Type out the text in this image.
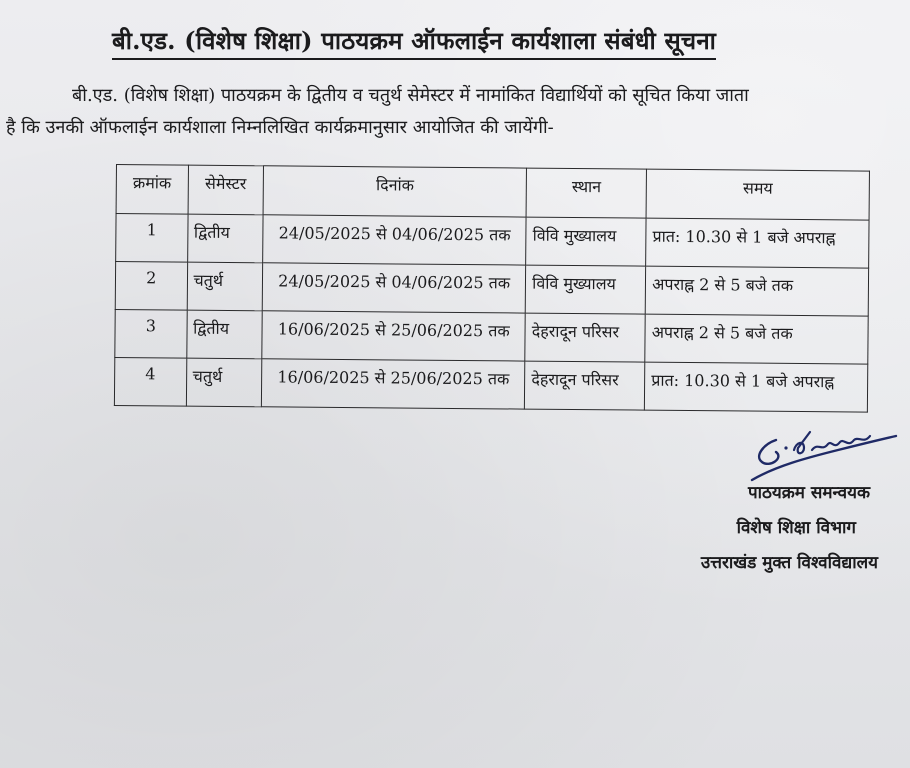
बी.एड. (विशेष शिक्षा) पाठयक्रम ऑफलाईन कार्यशाला संबंधी सूचना
बी.एड. (विशेष शिक्षा) पाठयक्रम के द्वितीय व चतुर्थ सेमेस्टर में नामांकित विद्यार्थियों को सूचित किया जाता
है कि उनकी ऑफलाईन कार्यशाला निम्नलिखित कार्यक्रमानुसार आयोजित की जायेंगी-
क्रमांक	सेमेस्टर	दिनांक	स्थान	समय
1	द्वितीय	24/05/2025 से 04/06/2025 तक	विवि मुख्यालय	प्रात: 10.30 से 1 बजे अपराह्न
2	चतुर्थ	24/05/2025 से 04/06/2025 तक	विवि मुख्यालय	अपराह्न 2 से 5 बजे तक
3	द्वितीय	16/06/2025 से 25/06/2025 तक	देहरादून परिसर	अपराह्न 2 से 5 बजे तक
4	चतुर्थ	16/06/2025 से 25/06/2025 तक	देहरादून परिसर	प्रात: 10.30 से 1 बजे अपराह्न
पाठयक्रम समन्वयक
विशेष शिक्षा विभाग
उत्तराखंड मुक्त विश्वविद्यालय
